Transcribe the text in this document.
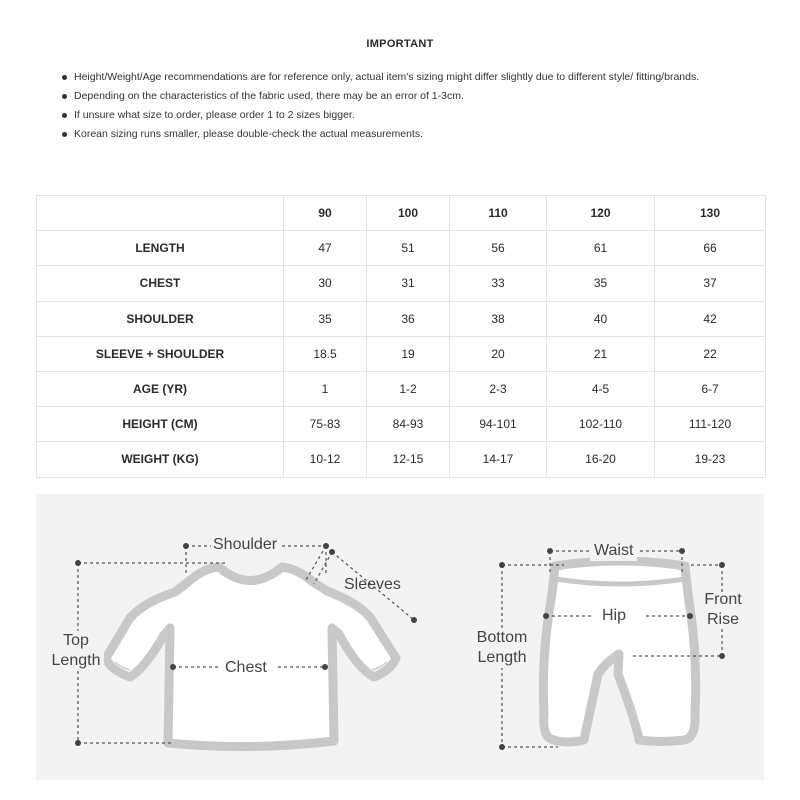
IMPORTANT
Height/Weight/Age recommendations are for reference only, actual item's sizing might differ slightly due to different style/ fitting/brands.
Depending on the characteristics of the fabric used, there may be an error of 1-3cm.
If unsure what size to order, please order 1 to 2 sizes bigger.
Korean sizing runs smaller, please double-check the actual measurements.
	90	100	110	120	130
LENGTH	47	51	56	61	66
CHEST	30	31	33	35	37
SHOULDER	35	36	38	40	42
SLEEVE + SHOULDER	18.5	19	20	21	22
AGE (YR)	1	1-2	2-3	4-5	6-7
HEIGHT (CM)	75-83	84-93	94-101	102-110	111-120
WEIGHT (KG)	10-12	12-15	14-17	16-20	19-23
Shoulder
Sleeves
Top
Length	Chest
Waist
Hip
Front
Rise
Bottom
Length
